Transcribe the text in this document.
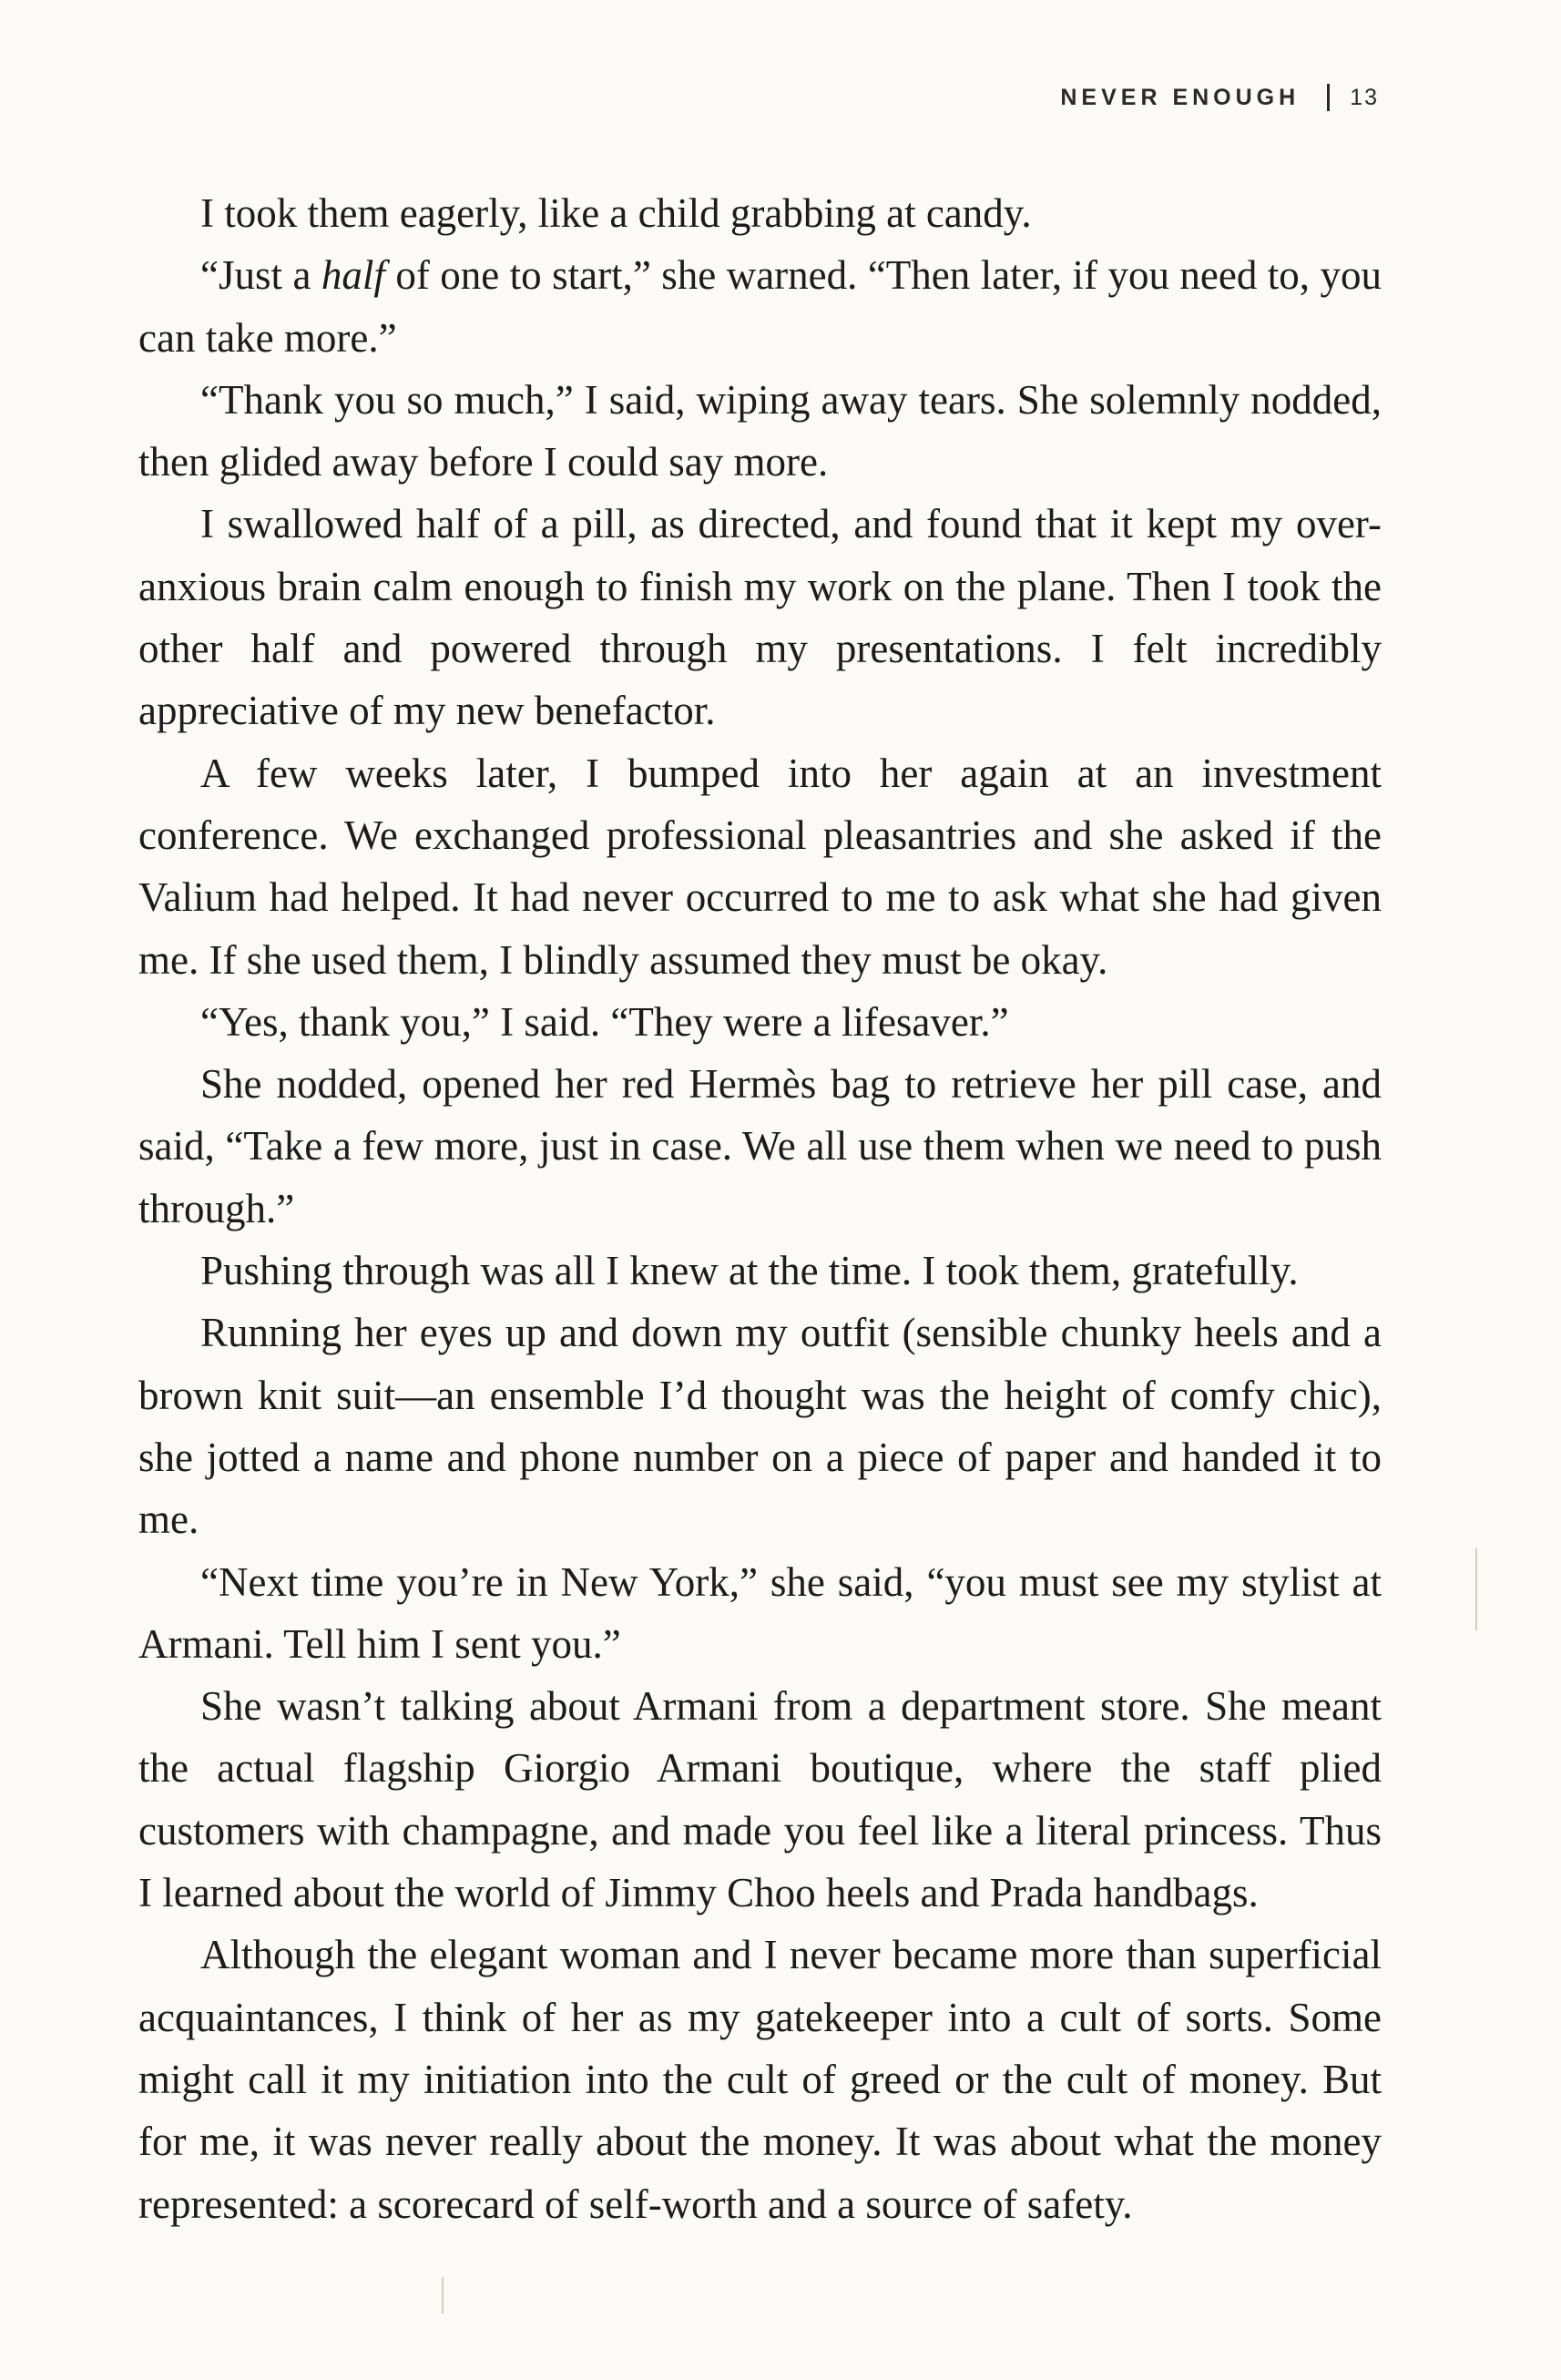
NEVER ENOUGH 13

I took them eagerly, like a child grabbing at candy.

“Just a half of one to start,” she warned. “Then later, if you need to, you can take more.”

“Thank you so much,” I said, wiping away tears. She solemnly nodded, then glided away before I could say more.

I swallowed half of a pill, as directed, and found that it kept my over-anxious brain calm enough to finish my work on the plane. Then I took the other half and powered through my presentations. I felt incredibly appreciative of my new benefactor.

A few weeks later, I bumped into her again at an investment conference. We exchanged professional pleasantries and she asked if the Valium had helped. It had never occurred to me to ask what she had given me. If she used them, I blindly assumed they must be okay.

“Yes, thank you,” I said. “They were a lifesaver.”

She nodded, opened her red Hermès bag to retrieve her pill case, and said, “Take a few more, just in case. We all use them when we need to push through.”

Pushing through was all I knew at the time. I took them, gratefully.

Running her eyes up and down my outfit (sensible chunky heels and a brown knit suit—an ensemble I’d thought was the height of comfy chic), she jotted a name and phone number on a piece of paper and handed it to me.

“Next time you’re in New York,” she said, “you must see my stylist at Armani. Tell him I sent you.”

She wasn’t talking about Armani from a department store. She meant the actual flagship Giorgio Armani boutique, where the staff plied customers with champagne, and made you feel like a literal princess. Thus I learned about the world of Jimmy Choo heels and Prada handbags.

Although the elegant woman and I never became more than superficial acquaintances, I think of her as my gatekeeper into a cult of sorts. Some might call it my initiation into the cult of greed or the cult of money. But for me, it was never really about the money. It was about what the money represented: a scorecard of self-worth and a source of safety.
